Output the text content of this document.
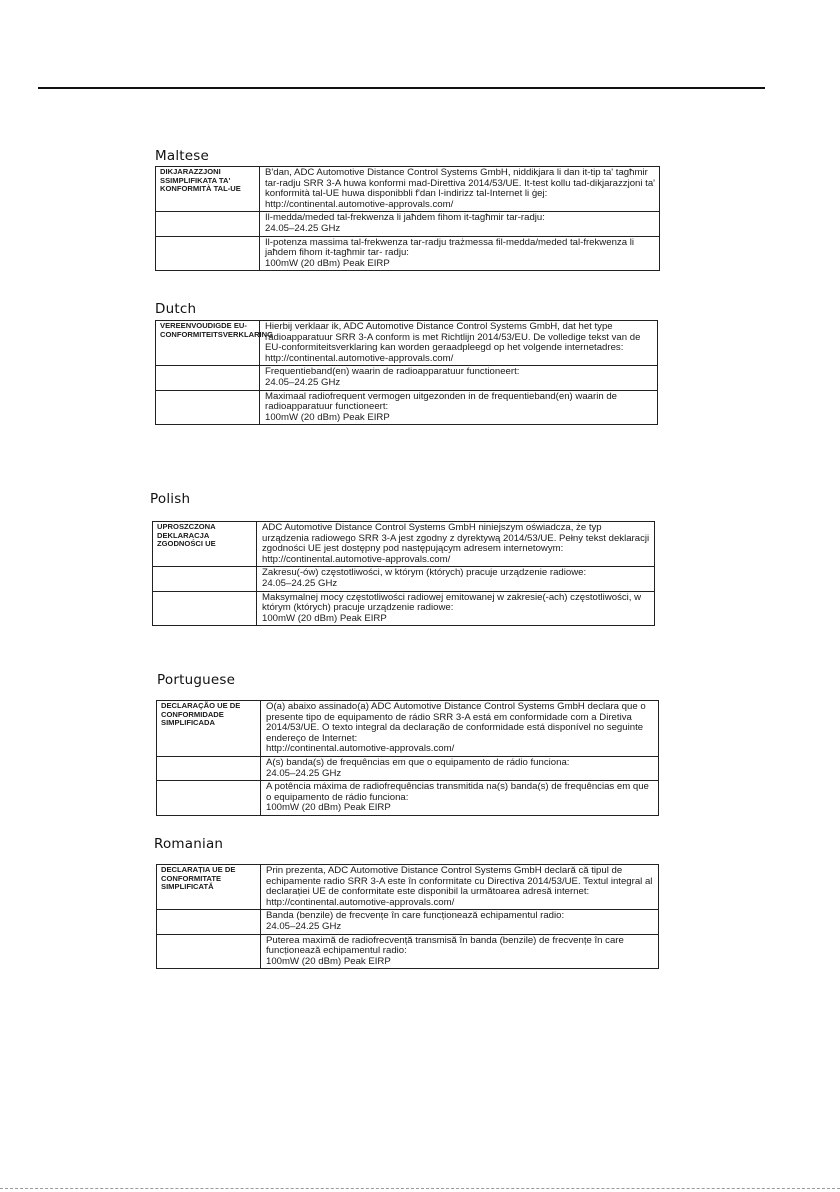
Maltese
DIKJARAZZJONI SSIMPLIFIKATA TA' KONFORMITÀ TAL-UE	B'dan, ADC Automotive Distance Control Systems GmbH, niddikjara li dan it-tip ta' tagħmir tar-radju SRR 3-A huwa konformi mad-Direttiva 2014/53/UE. It-test kollu tad-dikjarazzjoni ta' konformità tal-UE huwa disponibbli f'dan l-indirizz tal-Internet li ġej:
http://continental.automotive-approvals.com/
	Il-medda/meded tal-frekwenza li jaħdem fihom it-tagħmir tar-radju:
24.05–24.25 GHz
	Il-potenza massima tal-frekwenza tar-radju trażmessa fil-medda/meded tal-frekwenza li jaħdem fihom it-tagħmir tar- radju:
100mW (20 dBm) Peak EIRP
Dutch
VEREENVOUDIGDE EU-CONFORMITEITSVERKLARING	Hierbij verklaar ik, ADC Automotive Distance Control Systems GmbH, dat het type radioapparatuur SRR 3-A conform is met Richtlijn 2014/53/EU. De volledige tekst van de EU-conformiteitsverklaring kan worden geraadpleegd op het volgende internetadres:
http://continental.automotive-approvals.com/
	Frequentieband(en) waarin de radioapparatuur functioneert:
24.05–24.25 GHz
	Maximaal radiofrequent vermogen uitgezonden in de frequentieband(en) waarin de radioapparatuur functioneert:
100mW (20 dBm) Peak EIRP
Polish
UPROSZCZONA DEKLARACJA ZGODNOŚCI UE	ADC Automotive Distance Control Systems GmbH niniejszym oświadcza, że typ urządzenia radiowego SRR 3-A jest zgodny z dyrektywą 2014/53/UE. Pełny tekst deklaracji zgodności UE jest dostępny pod następującym adresem internetowym:
http://continental.automotive-approvals.com/
	Zakresu(-ów) częstotliwości, w którym (których) pracuje urządzenie radiowe:
24.05–24.25 GHz
	Maksymalnej mocy częstotliwości radiowej emitowanej w zakresie(-ach) częstotliwości, w którym (których) pracuje urządzenie radiowe:
100mW (20 dBm) Peak EIRP
Portuguese
DECLARAÇÃO UE DE CONFORMIDADE SIMPLIFICADA	O(a) abaixo assinado(a) ADC Automotive Distance Control Systems GmbH declara que o presente tipo de equipamento de rádio SRR 3-A está em conformidade com a Diretiva 2014/53/UE. O texto integral da declaração de conformidade está disponível no seguinte endereço de Internet:
http://continental.automotive-approvals.com/
	A(s) banda(s) de frequências em que o equipamento de rádio funciona:
24.05–24.25 GHz
	A potência máxima de radiofrequências transmitida na(s) banda(s) de frequências em que o equipamento de rádio funciona:
100mW (20 dBm) Peak EIRP
Romanian
DECLARAȚIA UE DE CONFORMITATE SIMPLIFICATĂ	Prin prezenta, ADC Automotive Distance Control Systems GmbH declară că tipul de echipamente radio SRR 3-A este în conformitate cu Directiva 2014/53/UE. Textul integral al declarației UE de conformitate este disponibil la următoarea adresă internet:
http://continental.automotive-approvals.com/
	Banda (benzile) de frecvențe în care funcționează echipamentul radio:
24.05–24.25 GHz
	Puterea maximă de radiofrecvență transmisă în banda (benzile) de frecvențe în care funcționează echipamentul radio:
100mW (20 dBm) Peak EIRP
